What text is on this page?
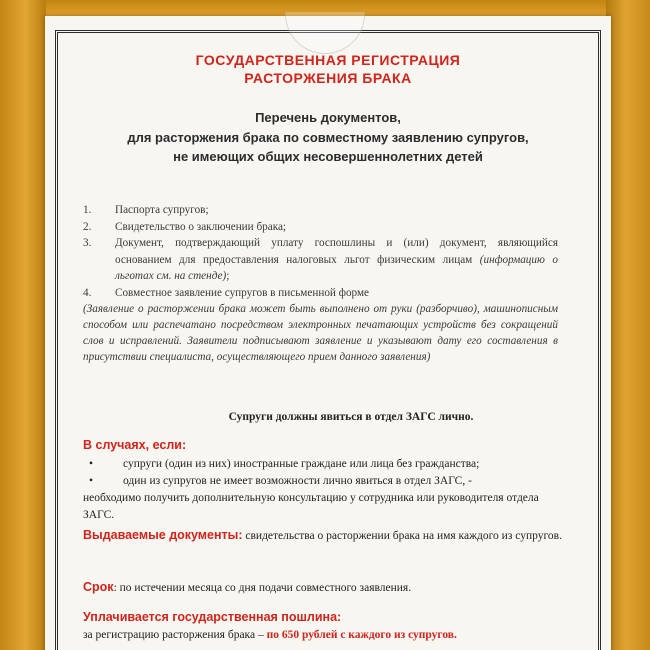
ГОСУДАРСТВЕННАЯ РЕГИСТРАЦИЯ
РАСТОРЖЕНИЯ БРАКА
Перечень документов,
для расторжения брака по совместному заявлению супругов,
не имеющих общих несовершеннолетних детей
1. Паспорта супругов;
2. Свидетельство о заключении брака;
3. Документ, подтверждающий уплату госпошлины и (или) документ, являющийся основанием для предоставления налоговых льгот физическим лицам (информацию о льготах см. на стенде);
4. Совместное заявление супругов в письменной форме
(Заявление о расторжении брака может быть выполнено от руки (разборчиво), машинописным способом или распечатано посредством электронных печатающих устройств без сокращений слов и исправлений. Заявители подписывают заявление и указывают дату его составления в присутствии специалиста, осуществляющего прием данного заявления)
Супруги должны явиться в отдел ЗАГС лично.
В случаях, если:
•	супруги (один из них) иностранные граждане или лица без гражданства;
•	один из супругов не имеет возможности лично явиться в отдел ЗАГС, -
необходимо получить дополнительную консультацию у сотрудника или руководителя отдела ЗАГС.
Выдаваемые документы: свидетельства о расторжении брака на имя каждого из супругов.
Срок: по истечении месяца со дня подачи совместного заявления.
Уплачивается государственная пошлина:
за регистрацию расторжения брака – по 650 рублей с каждого из супругов.
